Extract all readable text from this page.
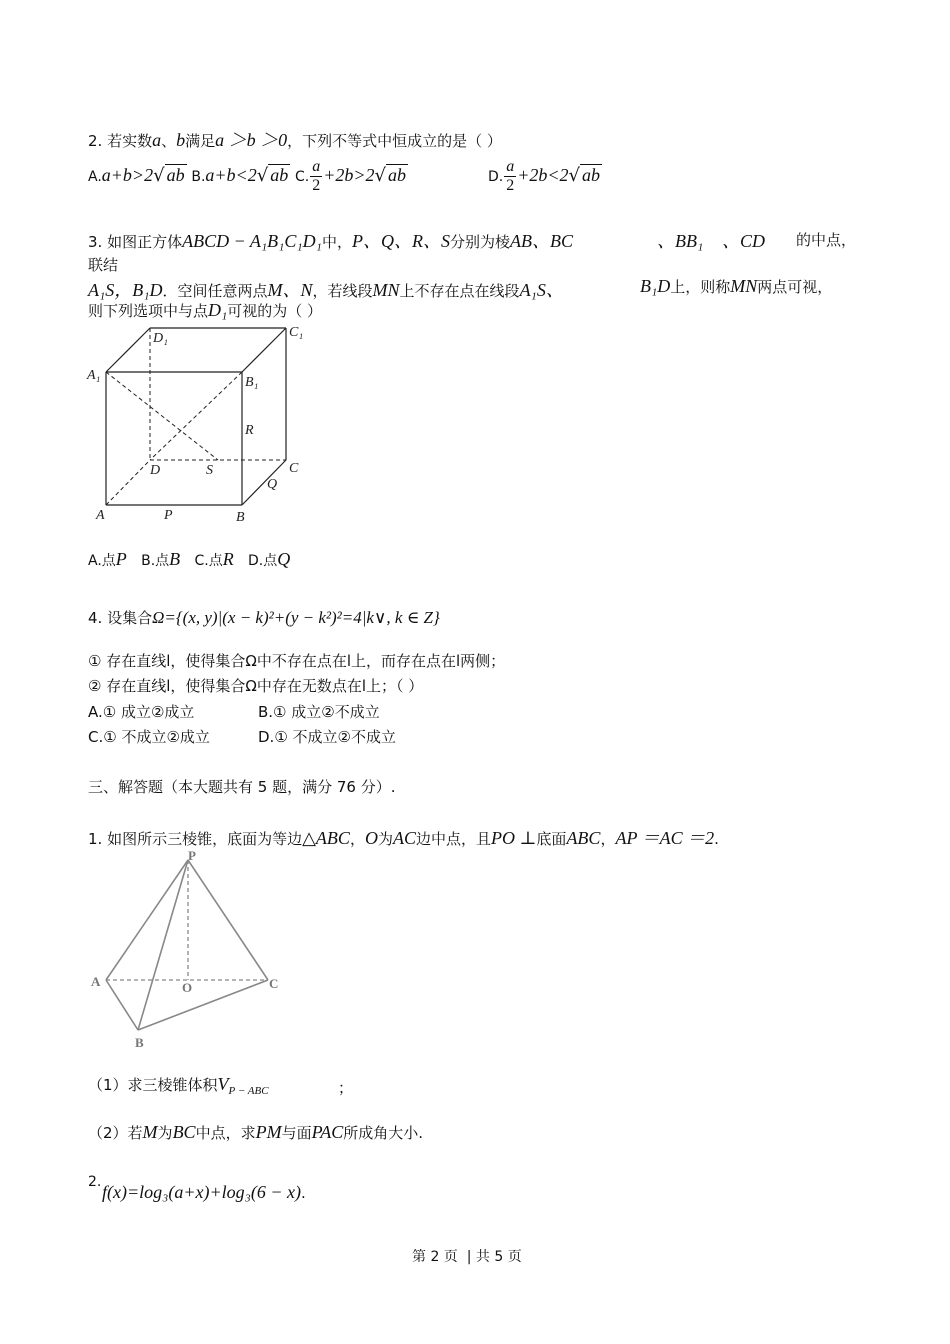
2. 若实数a、b满足a ＞b ＞0，下列不等式中恒成立的是（ ）
A.a+b>2√ ab B.a+b<2√ ab C. $\frac{a}{2} +2b>2√$ ab	D. $\frac{a}{2} +2b<2√$ ab
3. 如图正方体ABCD − A₁B₁C₁D₁中，P、Q、R、S分别为棱AB、BC	、BB₁ 、CD 的中点，
联结
A₁S，B₁D．空间任意两点M、N，若线段MN上不存在点在线段A₁S、	B₁D上，则称MN两点可视，
则下列选项中与点D₁可视的为（ ）
A₁
D₁	C₁
B₁
R
D	S	C
Q
A	P	B
A.点P B.点B C.点R D.点Q
4. 设集合Ω={(x, y)|(x − k)²+(y − k²)²=4|k∨, k ∈ Z}
① 存在直线l，使得集合Ω中不存在点在l上，而存在点在l两侧；
② 存在直线l，使得集合Ω中存在无数点在l上；（ ）
A.① 成立②成立	B.① 成立②不成立
C.① 不成立②成立	D.① 不成立②不成立
三、解答题（本大题共有 5 题，满分 76 分）.
1. 如图所示三棱锥，底面为等边△ABC，O为AC边中点，且PO ⊥底面ABC，AP ＝AC ＝2.
P
A	O	C
B
（1）求三棱锥体积$V_{P - ABC}$	；
（2）若M为BC中点，求PM与面PAC所成角大小.
2. f(x)=log₃(a+x)+log₃(6 − x).
第 2 页 | 共 5 页
